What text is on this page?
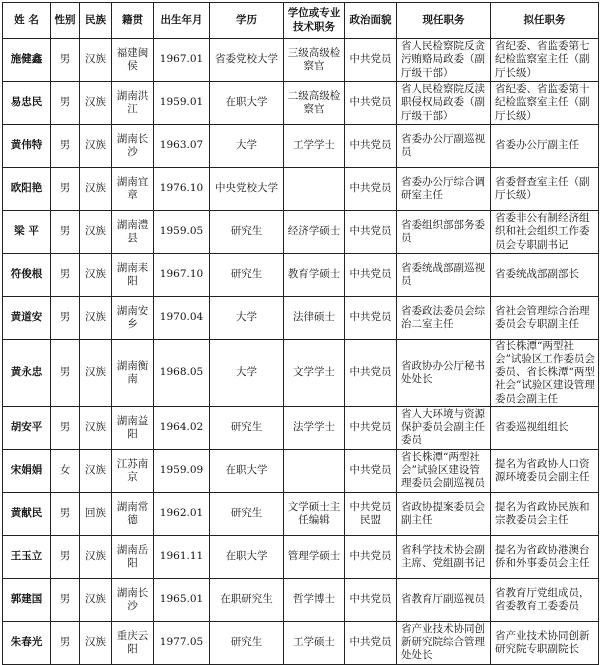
姓 名	性别	民族	籍贯	出生年月	学历	学位或专业技术职务	政治面貌	现任职务	拟任职务
施健鑫	男	汉族	福建闽侯	1967.01	省委党校大学	三级高级检察官	中共党员	省人民检察院反贪污贿赂局政委（副厅级干部）	省纪委、省监委第七纪检监察室主任（副厅长级）
易忠民	男	汉族	湖南洪江	1959.01	在职大学	二级高级检察官	中共党员	省人民检察院反渎职侵权局政委（副厅级干部）	省纪委、省监委第十纪检监察室主任（副厅长级）
黄伟特	男	汉族	湖南长沙	1963.07	大学	工学学士	中共党员	省委办公厅副巡视员	省委办公厅副主任
欧阳艳	男	汉族	湖南宜章	1976.10	中央党校大学		中共党员	省委办公厅综合调研室主任	省委督查室主任（副厅长级）
梁 平	男	汉族	湖南澧县	1959.05	研究生	经济学硕士	中共党员	省委组织部部务委员	省委非公有制经济组织和社会组织工作委员会专职副书记
符俊根	男	汉族	湖南耒阳	1967.10	研究生	教育学硕士	中共党员	省委统战部副巡视员	省委统战部副部长
黄道安	男	汉族	湖南安乡	1970.04	大学	法律硕士	中共党员	省委政法委员会综治二室主任	省社会管理综合治理委员会专职副主任
黄永忠	男	汉族	湖南衡南	1968.05	大学	文学学士	中共党员	省政协办公厅秘书处处长	省长株潭“两型社会”试验区工作委员会委员、省长株潭“两型社会”试验区建设管理委员会副主任
胡安平	男	汉族	湖南益阳	1964.02	研究生	法学学士	中共党员	省人大环境与资源保护委员会副主任委员	省委巡视组组长
宋娟娟	女	汉族	江苏南京	1959.09	在职大学		中共党员	省长株潭“两型社会”试验区建设管理委员会副巡视员	提名为省政协人口资源环境委员会副主任
黄献民	男	回族	湖南常德	1962.01	研究生	文学硕士主任编辑	中共党员民盟	省政协提案委员会副主任	提名为省政协民族和宗教委员会主任
王玉立	男	汉族	湖南岳阳	1961.11	在职大学	管理学硕士	中共党员	省科学技术协会副主席、党组副书记	提名为省政协港澳台侨和外事委员会主任
郭建国	男	汉族	湖南长沙	1965.01	在职研究生	哲学博士	中共党员	省教育厅副巡视员	省教育厅党组成员，省委教育工委委员
朱春光	男	汉族	重庆云阳	1977.05	研究生	工学硕士	中共党员	省产业技术协同创新研究院综合管理处处长	省产业技术协同创新研究院专职副院长
